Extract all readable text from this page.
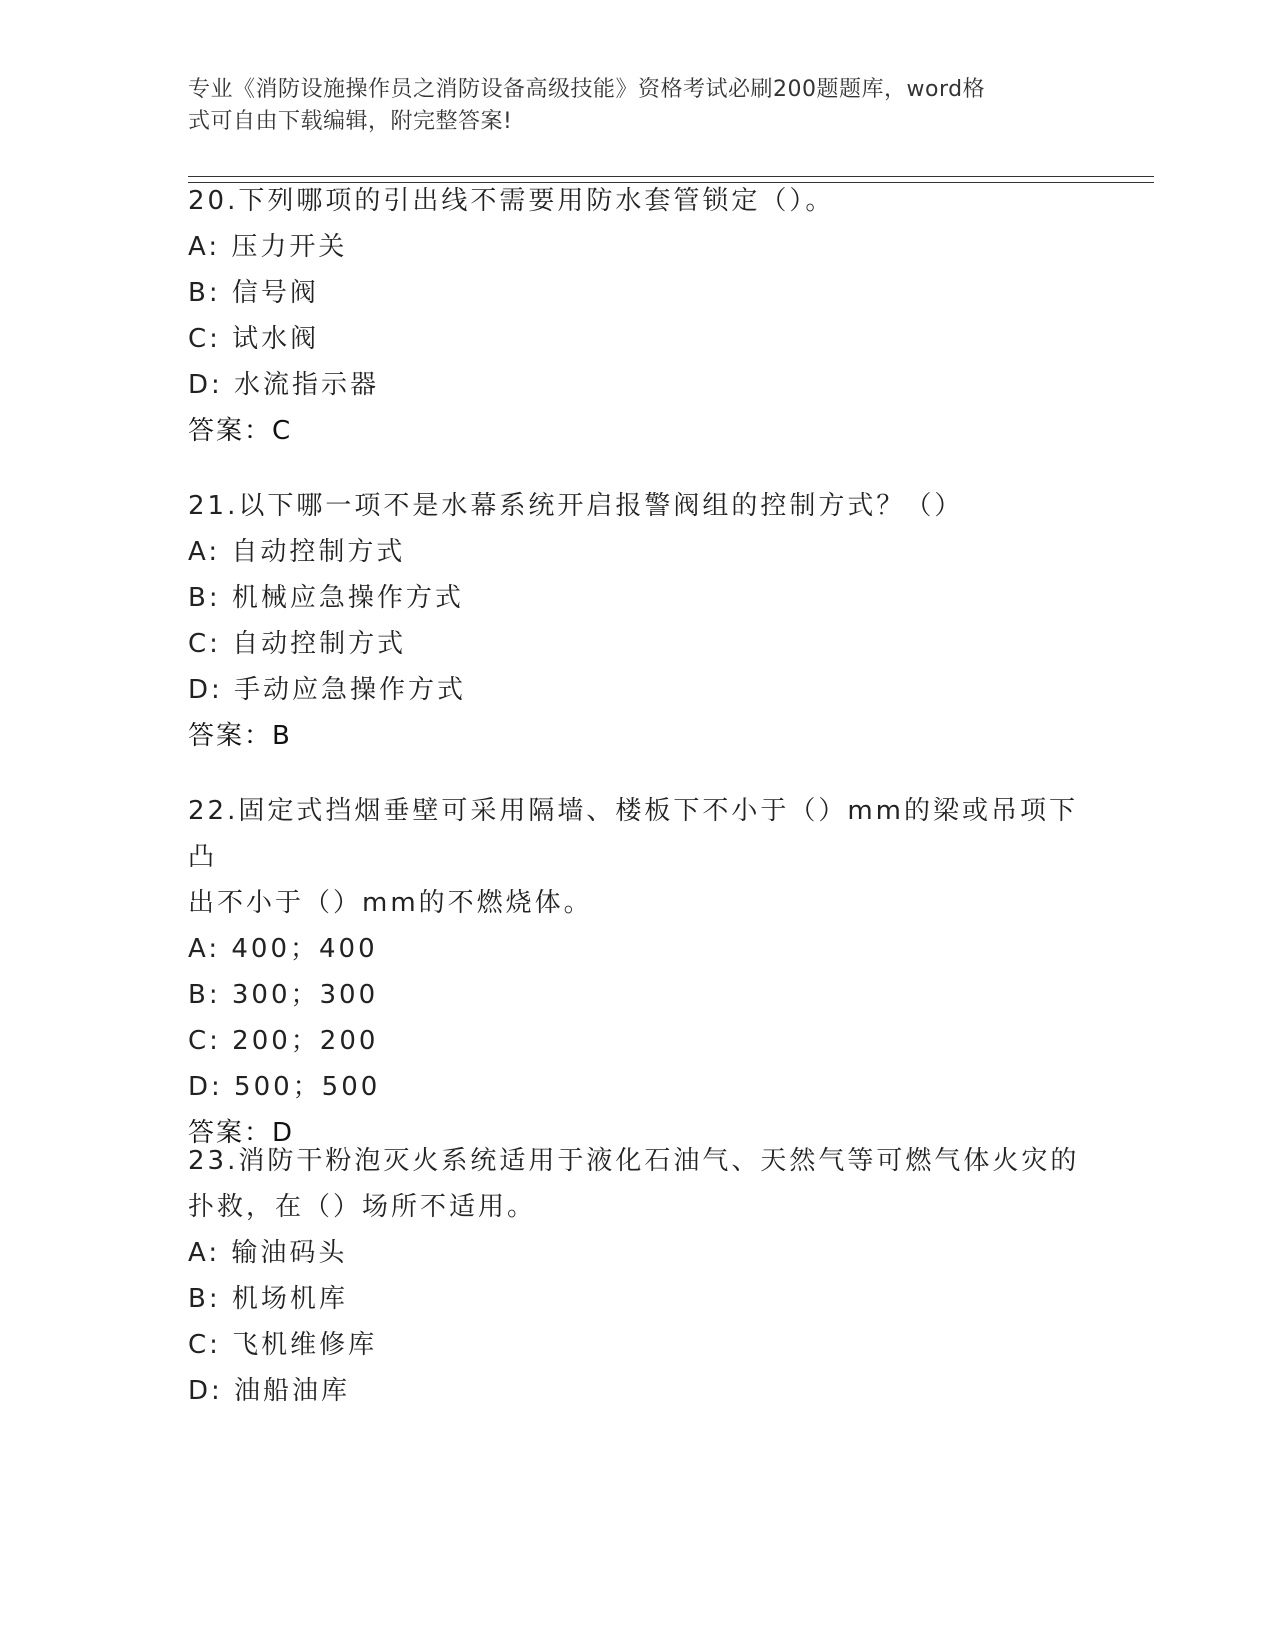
专业《消防设施操作员之消防设备高级技能》资格考试必刷200题题库，word格
式可自由下载编辑，附完整答案!
20.下列哪项的引出线不需要用防水套管锁定（）。
A: 压力开关
B: 信号阀
C: 试水阀
D: 水流指示器
答案：C
21.以下哪一项不是水幕系统开启报警阀组的控制方式？（）
A: 自动控制方式
B: 机械应急操作方式
C: 自动控制方式
D: 手动应急操作方式
答案：B
22.固定式挡烟垂壁可采用隔墙、楼板下不小于（）mm的梁或吊项下凸
出不小于（）mm的不燃烧体。
A: 400；400
B: 300；300
C: 200；200
D: 500；500
答案：D
23.消防干粉泡灭火系统适用于液化石油气、天然气等可燃气体火灾的
扑救，在（）场所不适用。
A: 输油码头
B: 机场机库
C: 飞机维修库
D: 油船油库
